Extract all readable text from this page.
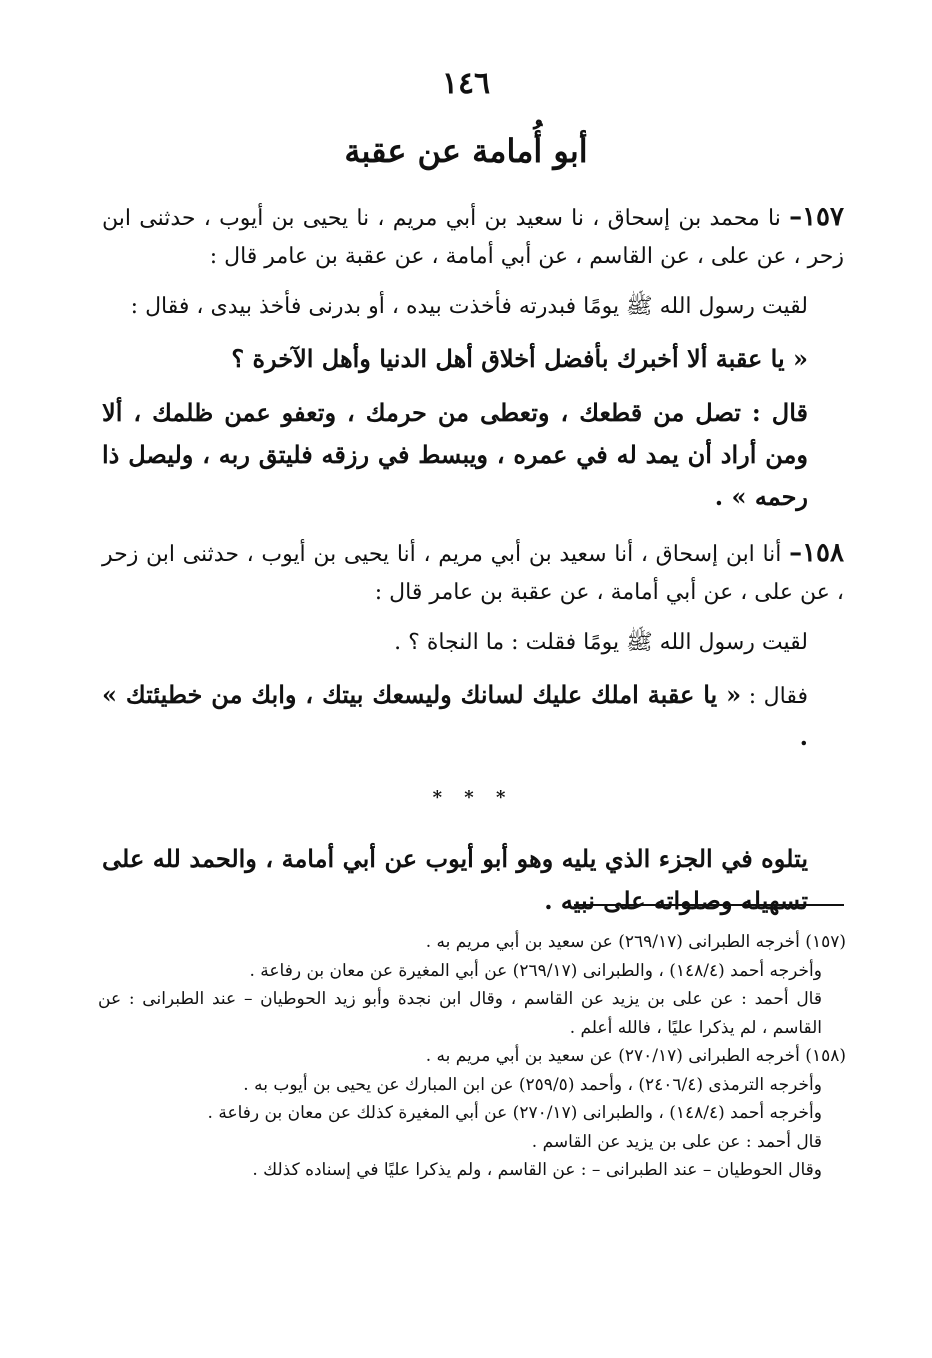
١٤٦
أبو أُمامة عن عقبة

١٥٧– نا محمد بن إسحاق ، نا سعيد بن أبي مريم ، نا يحيى بن أيوب ، حدثنى ابن زحر ، عن على ، عن القاسم ، عن أبي أمامة ، عن عقبة بن عامر قال :

لقيت رسول الله ﷺ يومًا فبدرته فأخذت بيده ، أو بدرنى فأخذ بيدى ، فقال :

« يا عقبة ألا أخبرك بأفضل أخلاق أهل الدنيا وأهل الآخرة ؟

قال : تصل من قطعك ، وتعطى من حرمك ، وتعفو عمن ظلمك ، ألا ومن أراد أن يمد له في عمره ، ويبسط في رزقه فليتق ربه ، وليصل ذا رحمه » .

١٥٨– أنا ابن إسحاق ، أنا سعيد بن أبي مريم ، أنا يحيى بن أيوب ، حدثنى ابن زحر ، عن على ، عن أبي أمامة ، عن عقبة بن عامر قال :

لقيت رسول الله ﷺ يومًا فقلت : ما النجاة ؟ .

فقال : « يا عقبة املك عليك لسانك وليسعك بيتك ، وابك من خطيئتك » .

* * *

يتلوه في الجزء الذي يليه وهو أبو أيوب عن أبي أمامة ، والحمد لله على تسهيله وصلواته على نبيه .

(١٥٧) أخرجه الطبرانى (٢٦٩/١٧) عن سعيد بن أبي مريم به .

وأخرجه أحمد (١٤٨/٤) ، والطبرانى (٢٦٩/١٧) عن أبي المغيرة عن معان بن رفاعة .

قال أحمد : عن على بن يزيد عن القاسم ، وقال ابن نجدة وأبو زيد الحوطيان – عند الطبرانى : عن القاسم ، لم يذكرا عليًا ، فالله أعلم .

(١٥٨) أخرجه الطبرانى (٢٧٠/١٧) عن سعيد بن أبي مريم به .

وأخرجه الترمذى (٢٤٠٦/٤) ، وأحمد (٢٥٩/٥) عن ابن المبارك عن يحيى بن أيوب به .

وأخرجه أحمد (١٤٨/٤) ، والطبرانى (٢٧٠/١٧) عن أبي المغيرة كذلك عن معان بن رفاعة .

قال أحمد : عن على بن يزيد عن القاسم .

وقال الحوطيان – عند الطبرانى – : عن القاسم ، ولم يذكرا عليًا في إسناده كذلك .
